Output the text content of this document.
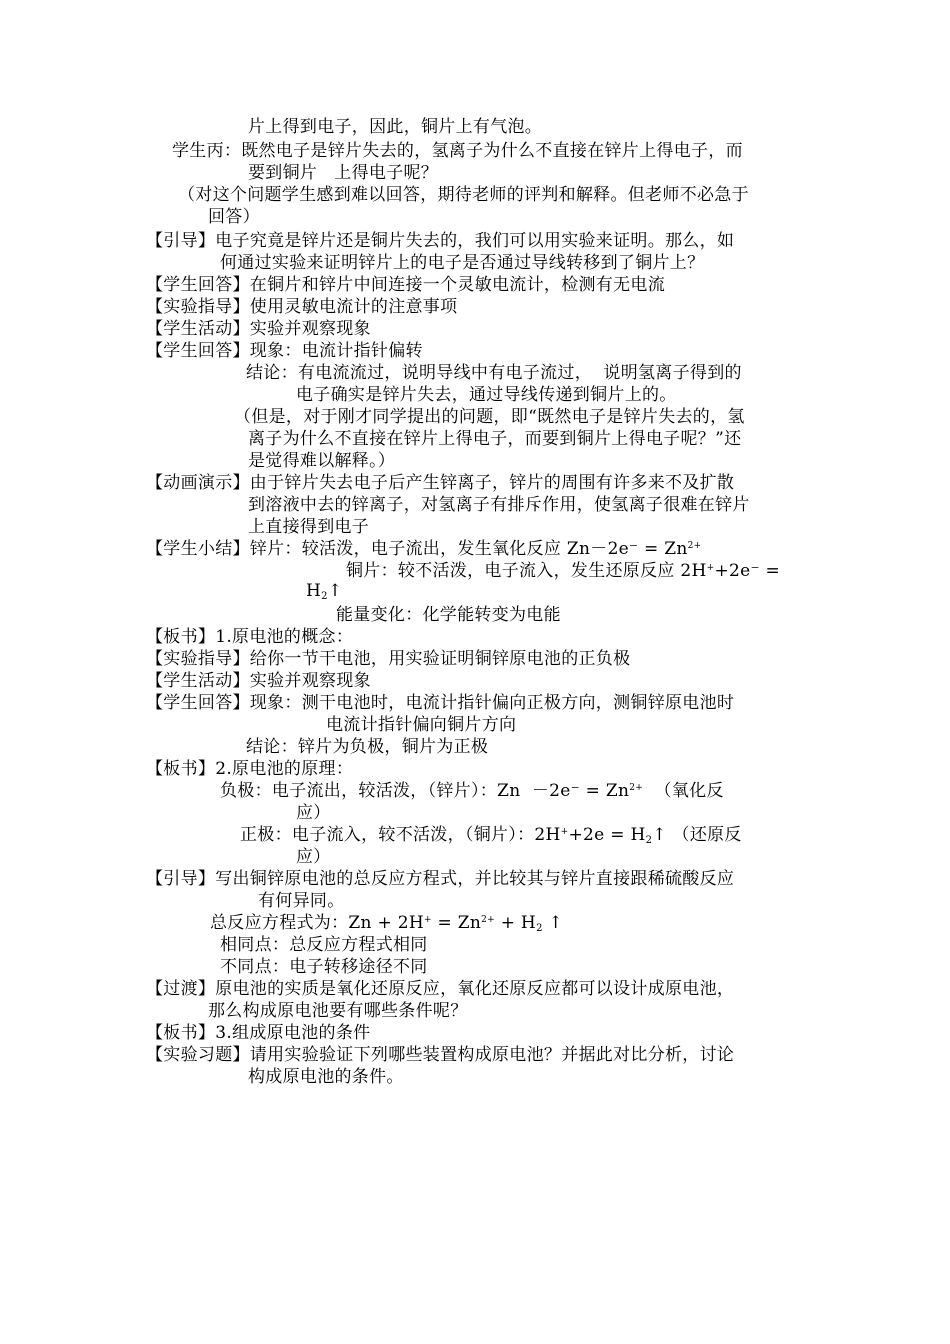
片上得到电子，因此，铜片上有气泡。
学生丙：既然电子是锌片失去的，氢离子为什么不直接在锌片上得电子，而
要到铜片   上得电子呢？
（对这个问题学生感到难以回答，期待老师的评判和解释。但老师不必急于
回答）
【引导】电子究竟是锌片还是铜片失去的，我们可以用实验来证明。那么，如
何通过实验来证明锌片上的电子是否通过导线转移到了铜片上？
【学生回答】在铜片和锌片中间连接一个灵敏电流计，检测有无电流
【实验指导】使用灵敏电流计的注意事项
【学生活动】实验并观察现象
【学生回答】现象：电流计指针偏转
结论：有电流流过，说明导线中有电子流过，  说明氢离子得到的
电子确实是锌片失去，通过导线传递到铜片上的。
（但是，对于刚才同学提出的问题，即“既然电子是锌片失去的，氢
离子为什么不直接在锌片上得电子，而要到铜片上得电子呢？”还
是觉得难以解释。）
【动画演示】由于锌片失去电子后产生锌离子，锌片的周围有许多来不及扩散
到溶液中去的锌离子，对氢离子有排斥作用，使氢离子很难在锌片
上直接得到电子
【学生小结】锌片：较活泼，电子流出，发生氧化反应 $Zn-2e^- = Zn^{2+}$
铜片：较不活泼，电子流入，发生还原反应 2H++2e⁻ =
$H_2↑$
能量变化：化学能转变为电能
【板书】1.原电池的概念：
【实验指导】给你一节干电池，用实验证明铜锌原电池的正负极
【学生活动】实验并观察现象
【学生回答】现象：测干电池时，电流计指针偏向正极方向，测铜锌原电池时
电流计指针偏向铜片方向
结论：锌片为负极，铜片为正极
【板书】2.原电池的原理：
负极：电子流出，较活泼，（锌片）：$Zn -2e^- = Zn^{2+}$ （氧化反
应）
正极：电子流入，较不活泼，（铜片）：$2H^++2e = H_2↑$ （还原反
应）
【引导】写出铜锌原电池的总反应方程式，并比较其与锌片直接跟稀硫酸反应
有何异同。
总反应方程式为：$Zn + 2H^+ = Zn^{2+} + H_2$ ↑
相同点：总反应方程式相同
不同点：电子转移途径不同
【过渡】原电池的实质是氧化还原反应，氧化还原反应都可以设计成原电池，
那么构成原电池要有哪些条件呢？
【板书】3.组成原电池的条件
【实验习题】请用实验验证下列哪些装置构成原电池？并据此对比分析，讨论
构成原电池的条件。
